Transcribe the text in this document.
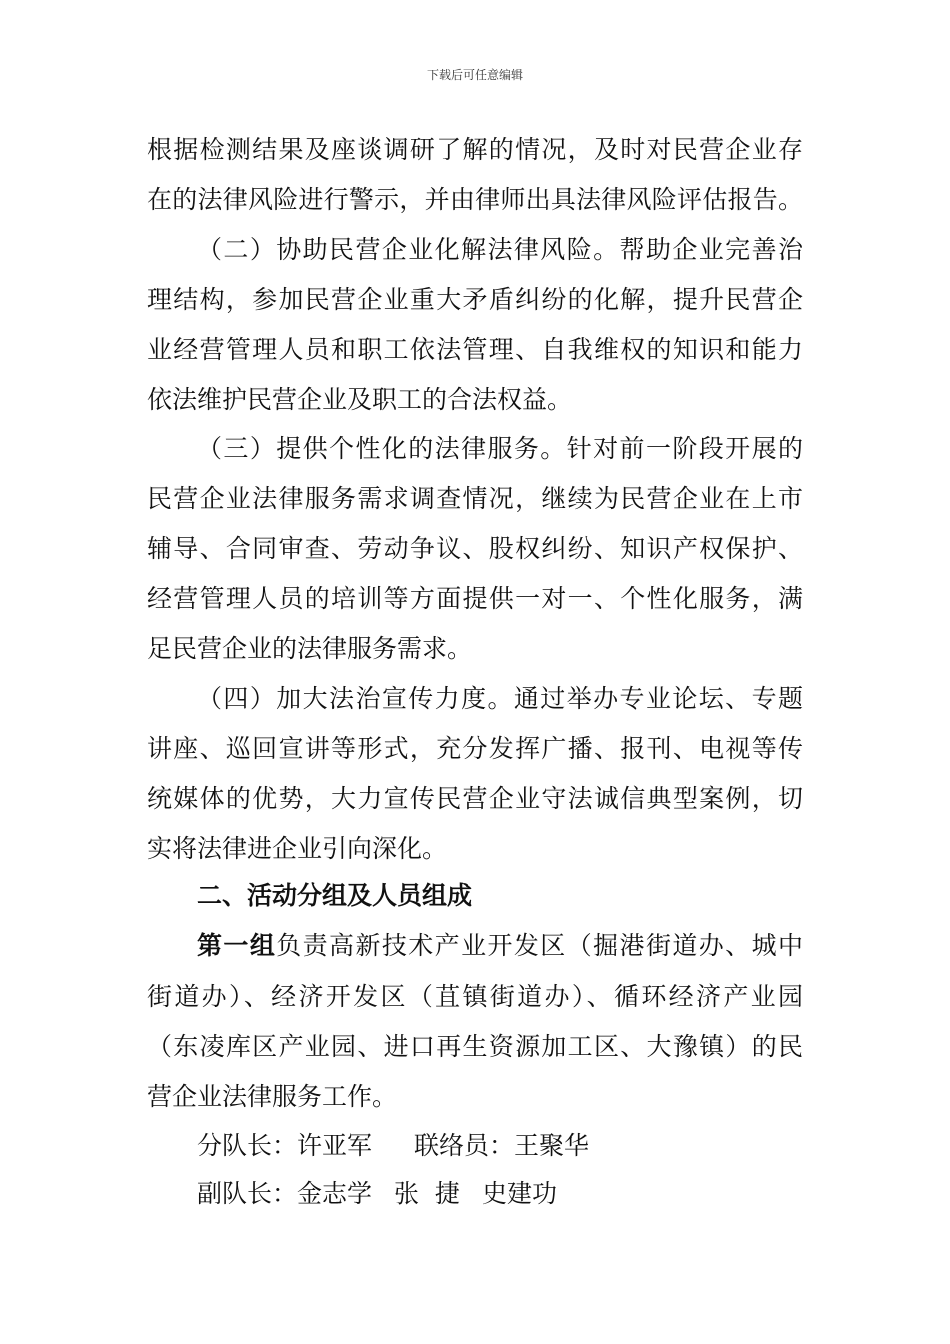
下载后可任意编辑
根据检测结果及座谈调研了解的情况，及时对民营企业存
在的法律风险进行警示，并由律师出具法律风险评估报告。
（二）协助民营企业化解法律风险。帮助企业完善治
理结构，参加民营企业重大矛盾纠纷的化解，提升民营企
业经营管理人员和职工依法管理、自我维权的知识和能力
依法维护民营企业及职工的合法权益。
（三）提供个性化的法律服务。针对前一阶段开展的
民营企业法律服务需求调查情况，继续为民营企业在上市
辅导、合同审查、劳动争议、股权纠纷、知识产权保护、
经营管理人员的培训等方面提供一对一、个性化服务，满
足民营企业的法律服务需求。
（四）加大法治宣传力度。通过举办专业论坛、专题
讲座、巡回宣讲等形式，充分发挥广播、报刊、电视等传
统媒体的优势，大力宣传民营企业守法诚信典型案例，切
实将法律进企业引向深化。
二、活动分组及人员组成
第一组负责高新技术产业开发区（掘港街道办、城中
街道办）、经济开发区（苴镇街道办）、循环经济产业园
（东凌库区产业园、进口再生资源加工区、大豫镇）的民
营企业法律服务工作。
分队长：许亚军 联络员：王聚华
副队长：金志学 张  捷 史建功
